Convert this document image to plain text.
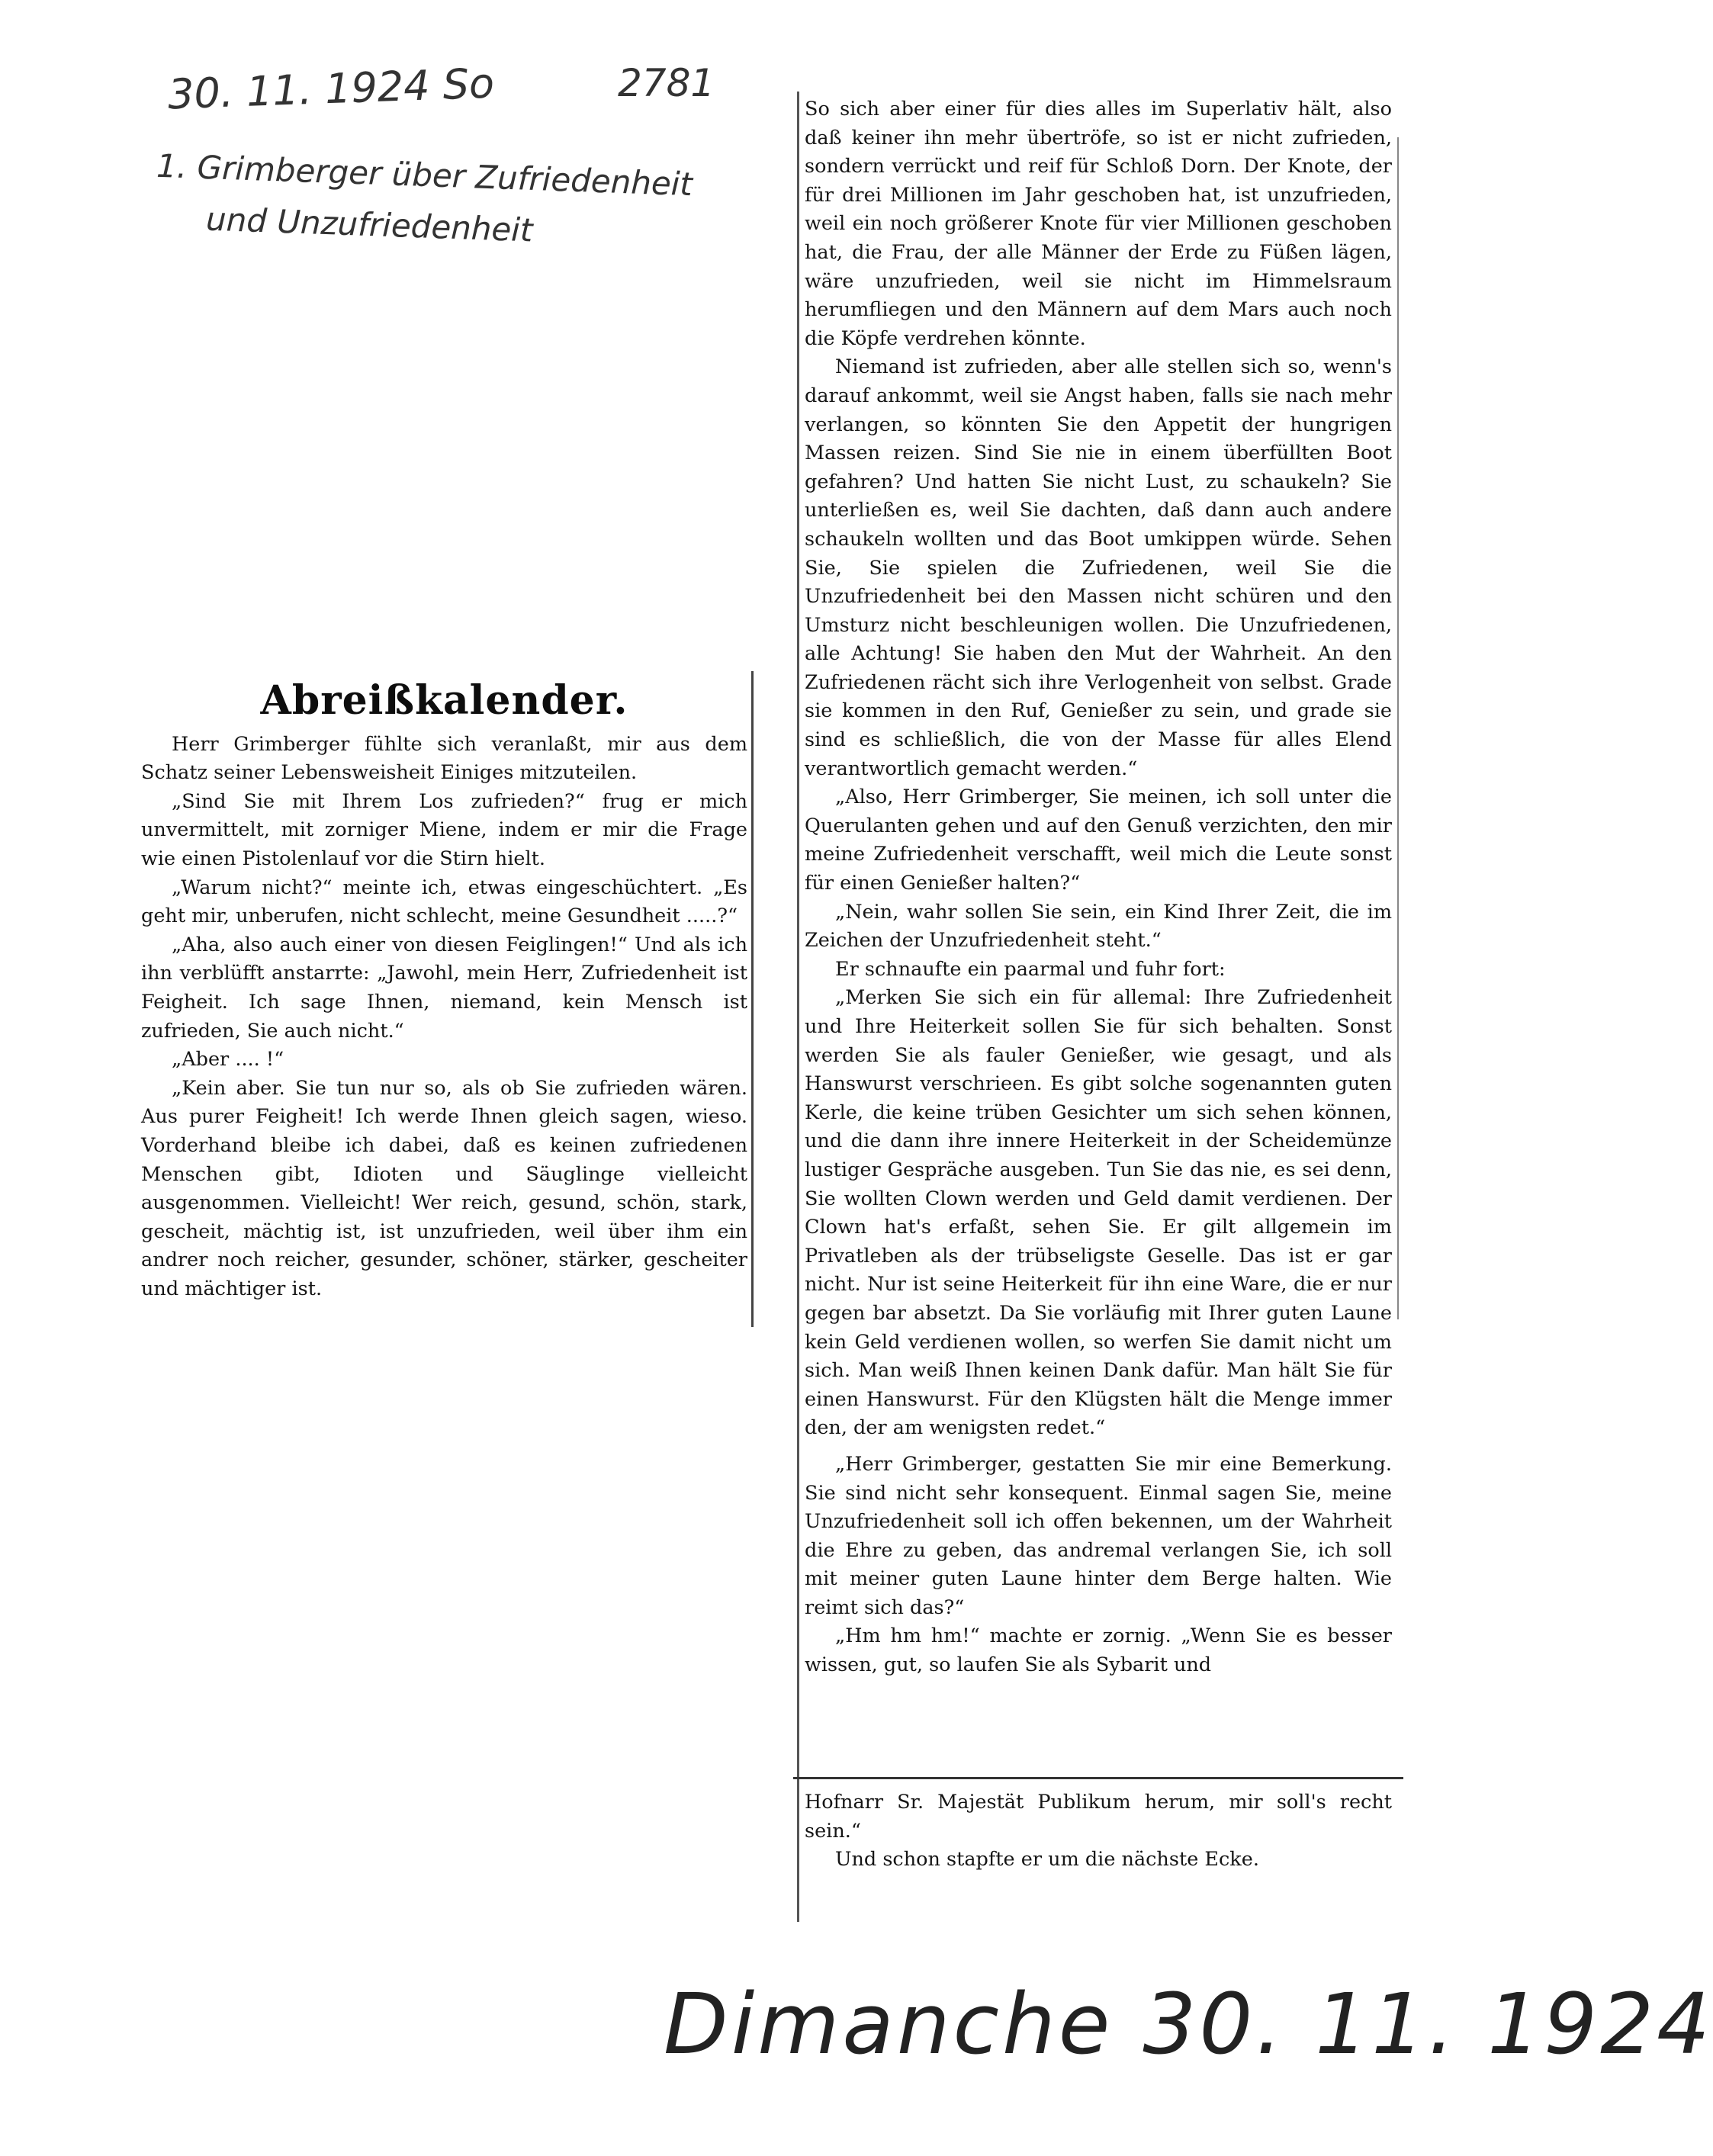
30. 11. 1924 So	2781
1. Grimberger über Zufriedenheit
und Unzufriedenheit
Abreißkalender.

Herr Grimberger fühlte sich veranlaßt, mir aus dem Schatz seiner Lebensweisheit Einiges mitzuteilen.

„Sind Sie mit Ihrem Los zufrieden?“ frug er mich unvermittelt, mit zorniger Miene, indem er mir die Frage wie einen Pistolenlauf vor die Stirn hielt.

„Warum nicht?“ meinte ich, etwas eingeschüchtert. „Es geht mir, unberufen, nicht schlecht, meine Gesundheit .....?“

„Aha, also auch einer von diesen Feiglingen!“ Und als ich ihn verblüfft anstarrte: „Jawohl, mein Herr, Zufriedenheit ist Feigheit. Ich sage Ihnen, niemand, kein Mensch ist zufrieden, Sie auch nicht.“

„Aber .... !“

„Kein aber. Sie tun nur so, als ob Sie zufrieden wären. Aus purer Feigheit! Ich werde Ihnen gleich sagen, wieso. Vorderhand bleibe ich dabei, daß es keinen zufriedenen Menschen gibt, Idioten und Säuglinge vielleicht ausgenommen. Vielleicht! Wer reich, gesund, schön, stark, gescheit, mächtig ist, ist unzufrieden, weil über ihm ein andrer noch reicher, gesunder, schöner, stärker, gescheiter und mächtiger ist.

So sich aber einer für dies alles im Superlativ hält, also daß keiner ihn mehr übertröfe, so ist er nicht zufrieden, sondern verrückt und reif für Schloß Dorn. Der Knote, der für drei Millionen im Jahr geschoben hat, ist unzufrieden, weil ein noch größerer Knote für vier Millionen geschoben hat, die Frau, der alle Männer der Erde zu Füßen lägen, wäre unzufrieden, weil sie nicht im Himmelsraum herumfliegen und den Männern auf dem Mars auch noch die Köpfe verdrehen könnte.

Niemand ist zufrieden, aber alle stellen sich so, wenn's darauf ankommt, weil sie Angst haben, falls sie nach mehr verlangen, so könnten Sie den Appetit der hungrigen Massen reizen. Sind Sie nie in einem überfüllten Boot gefahren? Und hatten Sie nicht Lust, zu schaukeln? Sie unterließen es, weil Sie dachten, daß dann auch andere schaukeln wollten und das Boot umkippen würde. Sehen Sie, Sie spielen die Zufriedenen, weil Sie die Unzufriedenheit bei den Massen nicht schüren und den Umsturz nicht beschleunigen wollen. Die Unzufriedenen, alle Achtung! Sie haben den Mut der Wahrheit. An den Zufriedenen rächt sich ihre Verlogenheit von selbst. Grade sie kommen in den Ruf, Genießer zu sein, und grade sie sind es schließlich, die von der Masse für alles Elend verantwortlich gemacht werden.“

„Also, Herr Grimberger, Sie meinen, ich soll unter die Querulanten gehen und auf den Genuß verzichten, den mir meine Zufriedenheit verschafft, weil mich die Leute sonst für einen Genießer halten?“

„Nein, wahr sollen Sie sein, ein Kind Ihrer Zeit, die im Zeichen der Unzufriedenheit steht.“

Er schnaufte ein paarmal und fuhr fort:

„Merken Sie sich ein für allemal: Ihre Zufriedenheit und Ihre Heiterkeit sollen Sie für sich behalten. Sonst werden Sie als fauler Genießer, wie gesagt, und als Hanswurst verschrieen. Es gibt solche sogenannten guten Kerle, die keine trüben Gesichter um sich sehen können, und die dann ihre innere Heiterkeit in der Scheidemünze lustiger Gespräche ausgeben. Tun Sie das nie, es sei denn, Sie wollten Clown werden und Geld damit verdienen. Der Clown hat's erfaßt, sehen Sie. Er gilt allgemein im Privatleben als der trübseligste Geselle. Das ist er gar nicht. Nur ist seine Heiterkeit für ihn eine Ware, die er nur gegen bar absetzt. Da Sie vorläufig mit Ihrer guten Laune kein Geld verdienen wollen, so werfen Sie damit nicht um sich. Man weiß Ihnen keinen Dank dafür. Man hält Sie für einen Hanswurst. Für den Klügsten hält die Menge immer den, der am wenigsten redet.“

„Herr Grimberger, gestatten Sie mir eine Bemerkung. Sie sind nicht sehr konsequent. Einmal sagen Sie, meine Unzufriedenheit soll ich offen bekennen, um der Wahrheit die Ehre zu geben, das andremal verlangen Sie, ich soll mit meiner guten Laune hinter dem Berge halten. Wie reimt sich das?“

„Hm hm hm!“ machte er zornig. „Wenn Sie es besser wissen, gut, so laufen Sie als Sybarit und

Hofnarr Sr. Majestät Publikum herum, mir soll's recht sein.“

Und schon stapfte er um die nächste Ecke.

Dimanche 30. 11. 1924
